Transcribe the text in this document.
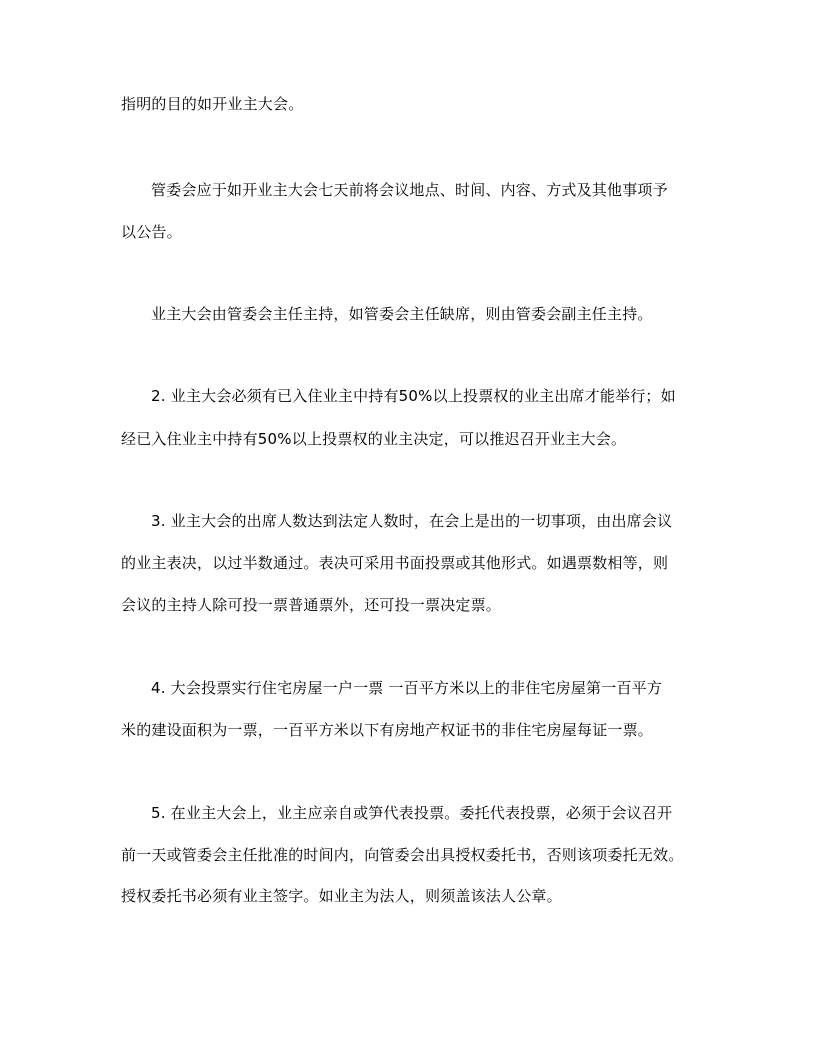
指明的目的如开业主大会。
管委会应于如开业主大会七天前将会议地点、时间、内容、方式及其他事项予
以公告。
业主大会由管委会主任主持，如管委会主任缺席，则由管委会副主任主持。
2. 业主大会必须有已入住业主中持有50%以上投票权的业主出席才能举行；如
经已入住业主中持有50%以上投票权的业主决定，可以推迟召开业主大会。
3. 业主大会的出席人数达到法定人数时，在会上是出的一切事项，由出席会议
的业主表决，以过半数通过。表决可采用书面投票或其他形式。如遇票数相等，则
会议的主持人除可投一票普通票外，还可投一票决定票。
4. 大会投票实行住宅房屋一户一票 一百平方米以上的非住宅房屋第一百平方
米的建设面积为一票，一百平方米以下有房地产权证书的非住宅房屋每证一票。
5. 在业主大会上，业主应亲自或笋代表投票。委托代表投票，必须于会议召开
前一天或管委会主任批准的时间内，向管委会出具授权委托书，否则该项委托无效。
授权委托书必须有业主签字。如业主为法人，则须盖该法人公章。
